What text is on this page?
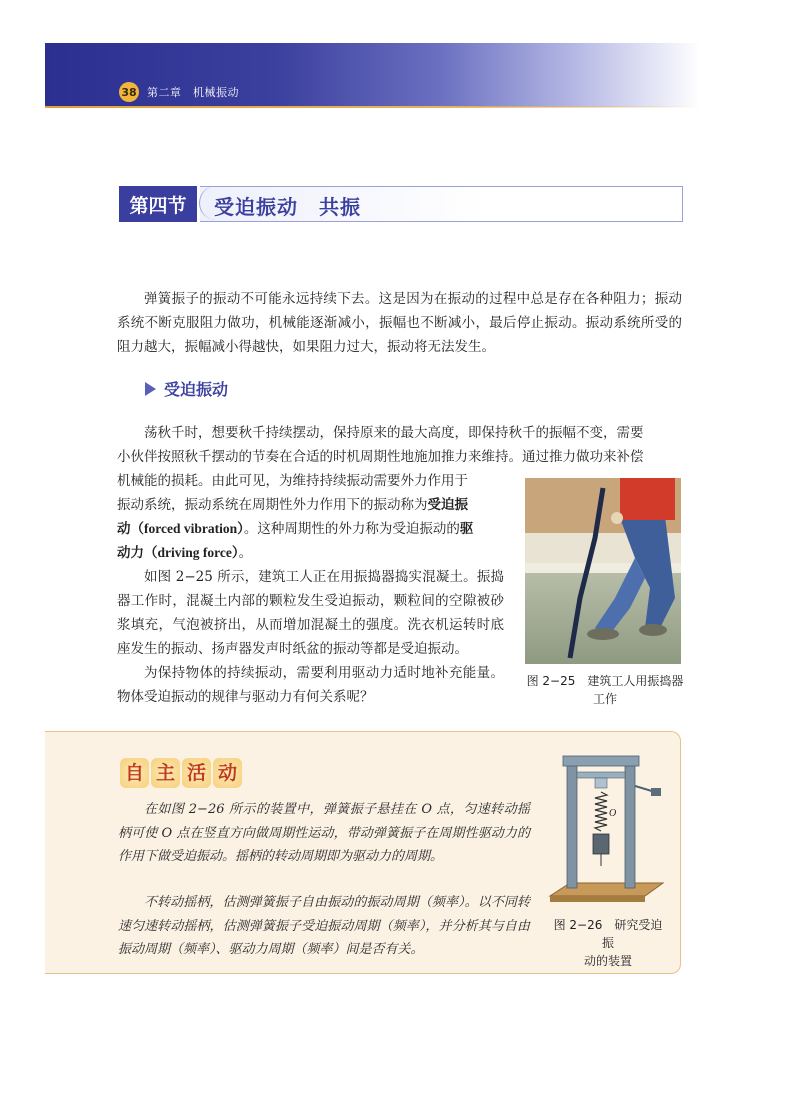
38 第二章　机械振动
第四节	受迫振动　共振

弹簧振子的振动不可能永远持续下去。这是因为在振动的过程中总是存在各种阻力；振动系统不断克服阻力做功，机械能逐渐减小，振幅也不断减小，最后停止振动。振动系统所受的阻力越大，振幅减小得越快，如果阻力过大，振动将无法发生。

受迫振动
荡秋千时，想要秋千持续摆动，保持原来的最大高度，即保持秋千的振幅不变，需要
小伙伴按照秋千摆动的节奏在合适的时机周期性地施加推力来维持。通过推力做功来补偿
机械能的损耗。由此可见，为维持持续振动需要外力作用于
振动系统，振动系统在周期性外力作用下的振动称为受迫振
动（forced vibration）。这种周期性的外力称为受迫振动的驱
动力（driving force）。

如图 2−25 所示，建筑工人正在用振捣器捣实混凝土。振捣器工作时，混凝土内部的颗粒发生受迫振动，颗粒间的空隙被砂浆填充，气泡被挤出，从而增加混凝土的强度。洗衣机运转时底座发生的振动、扬声器发声时纸盆的振动等都是受迫振动。

为保持物体的持续振动，需要利用驱动力适时地补充能量。物体受迫振动的规律与驱动力有何关系呢？

图 2−25　建筑工人用振捣器
工作
自 主 活 动

在如图 2−26 所示的装置中，弹簧振子悬挂在 O 点，匀速转动摇柄可使 O 点在竖直方向做周期性运动，带动弹簧振子在周期性驱动力的作用下做受迫振动。摇柄的转动周期即为驱动力的周期。

不转动摇柄，估测弹簧振子自由振动的振动周期（频率）。以不同转速匀速转动摇柄，估测弹簧振子受迫振动周期（频率），并分析其与自由振动周期（频率）、驱动力周期（频率）间是否有关。

O
图 2−26　研究受迫振
动的装置
